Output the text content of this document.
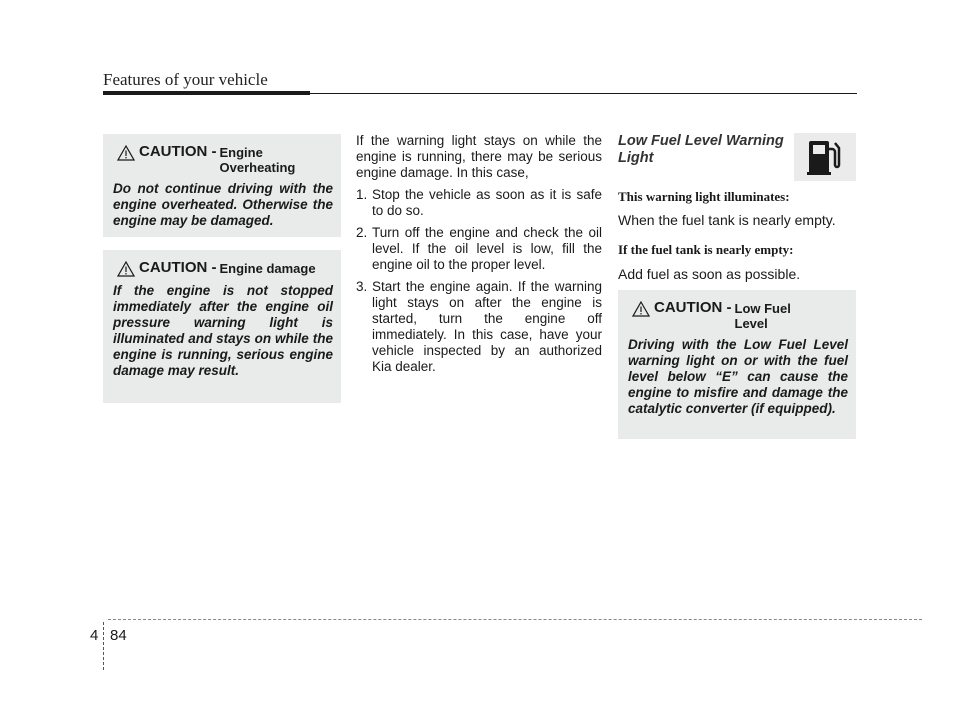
Features of your vehicle
CAUTION - Engine Overheating
Do not continue driving with the engine overheated. Otherwise the engine may be damaged.
CAUTION - Engine damage
If the engine is not stopped immediately after the engine oil pressure warning light is illuminated and stays on while the engine is running, serious engine damage may result.

If the warning light stays on while the engine is running, there may be serious engine damage. In this case,

1. Stop the vehicle as soon as it is safe to do so.
2. Turn off the engine and check the oil level. If the oil level is low, fill the engine oil to the proper level.
3. Start the engine again. If the warning light stays on after the engine is started, turn the engine off immediately. In this case, have your vehicle inspected by an authorized Kia dealer.
Low Fuel Level Warning Light

This warning light illuminates:

When the fuel tank is nearly empty.

If the fuel tank is nearly empty:

Add fuel as soon as possible.

CAUTION - Low Fuel Level
Driving with the Low Fuel Level warning light on or with the fuel level below “E” can cause the engine to misfire and damage the catalytic converter (if equipped).
4 84
